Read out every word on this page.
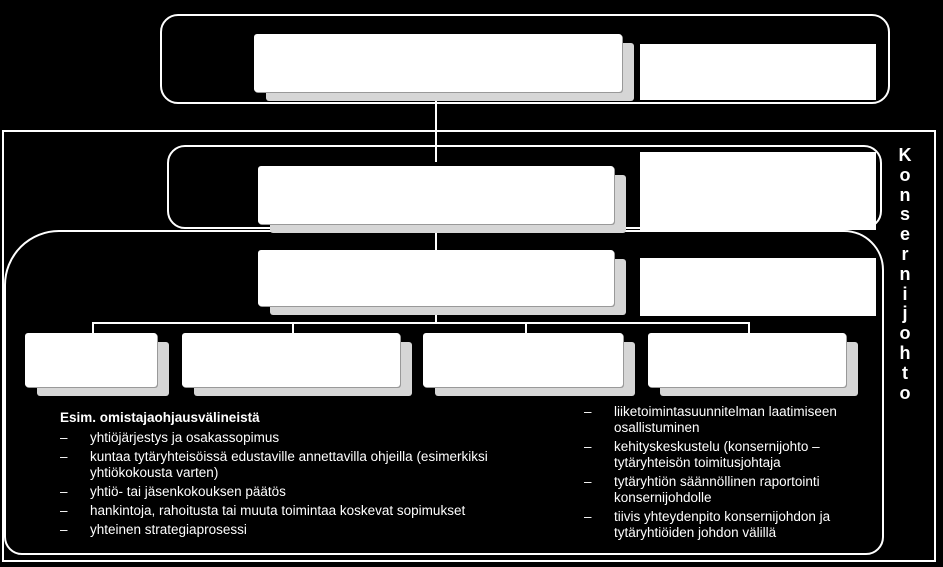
K
o
n
s
e
r
n
i
j
o
h
t
o
Esim. omistajaohjausvälineistä
– yhtiöjärjestys ja osakassopimus
– kuntaa tytäryhteisöissä edustaville annettavilla ohjeilla (esimerkiksi yhtiökokousta varten)
– yhtiö- tai jäsenkokouksen päätös
– hankintoja, rahoitusta tai muuta toimintaa koskevat sopimukset
– yhteinen strategiaprosessi
– liiketoimintasuunnitelman laatimiseen osallistuminen
– kehityskeskustelu (konsernijohto – tytäryhteisön toimitusjohtaja
– tytäryhtiön säännöllinen raportointi konsernijohdolle
– tiivis yhteydenpito konsernijohdon ja tytäryhtiöiden johdon välillä
